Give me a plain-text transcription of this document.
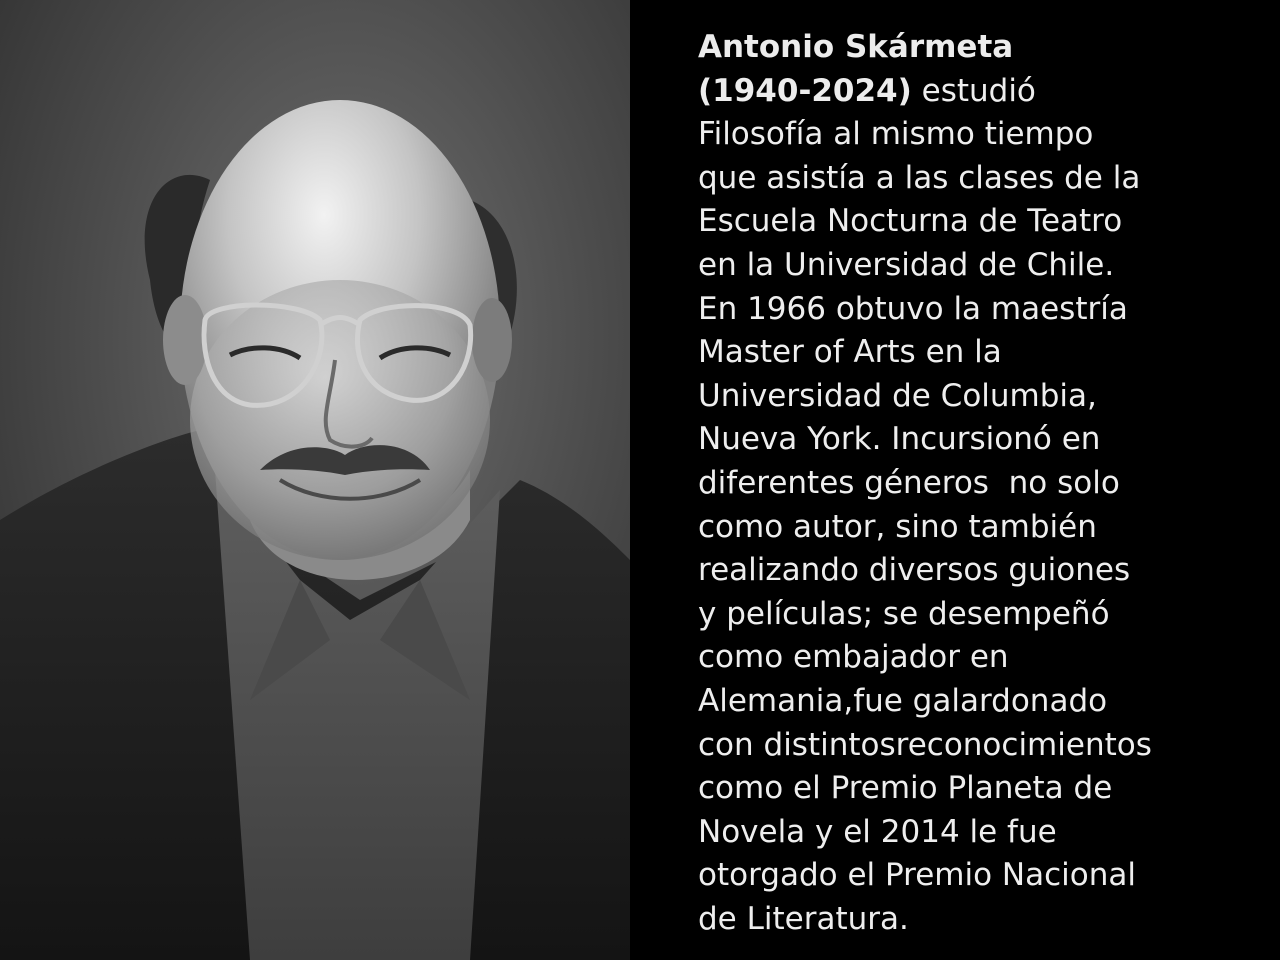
Antonio Skármeta
(1940-2024) estudió
Filosofía al mismo tiempo
que asistía a las clases de la
Escuela Nocturna de Teatro
en la Universidad de Chile.
En 1966 obtuvo la maestría
Master of Arts en la
Universidad de Columbia,
Nueva York. Incursionó en
diferentes géneros  no solo
como autor, sino también
realizando diversos guiones
y películas; se desempeñó
como embajador en
Alemania,fue galardonado
con distintosreconocimientos
como el Premio Planeta de
Novela y el 2014 le fue
otorgado el Premio Nacional
de Literatura.
